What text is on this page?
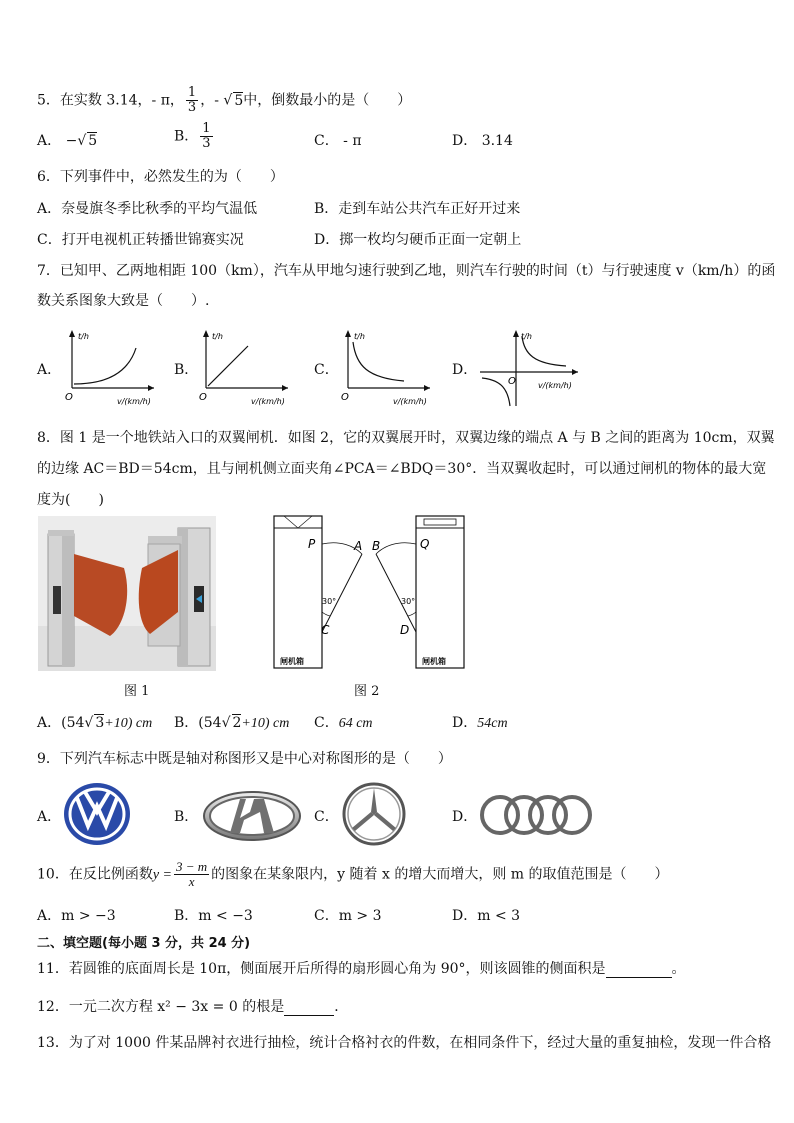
5．在实数 3.14，- π， $\frac{1}{3}$ ，- √ 5中，倒数最小的是（　　）
A． −√ 5	B． $\frac{1}{3}$	C． - π	D． 3.14
6．下列事件中，必然发生的为（　　）
A．奈曼旗冬季比秋季的平均气温低	B．走到车站公共汽车正好开过来
C．打开电视机正转播世锦赛实况	D．掷一枚均匀硬币正面一定朝上
7．已知甲、乙两地相距 100（km），汽车从甲地匀速行驶到乙地，则汽车行驶的时间（t）与行驶速度 v（km/h）的函
数关系图象大致是（　　）.
A．	B．	C．	D．
t/h
v/(km/h)
O
t/h
v/(km/h)
O
t/h
v/(km/h)
O
t/h
v/(km/h)
O
8．图 1 是一个地铁站入口的双翼闸机．如图 2，它的双翼展开时，双翼边缘的端点 A 与 B 之间的距离为 10cm，双翼
的边缘 AC＝BD＝54cm，且与闸机侧立面夹角∠PCA＝∠BDQ＝30°．当双翼收起时，可以通过闸机的物体的最大宽
度为(　　)
图 1
P	A B	Q
C	D
30°	30°
闸机箱	闸机箱
图 2
A．(54√ 3+10) cm B．(54√ 2+10) cm C．64 cm	D．54cm
9．下列汽车标志中既是轴对称图形又是中心对称图形的是（　　）
A．	B．	C．	D．
10．在反比例函数$y = \frac{3 - m}{x}$ 的图象在某象限内，y 随着 x 的增大而增大，则 m 的取值范围是（　　）
A．m > −3	B．m < −3	C．m > 3	D．m < 3
二、填空题(每小题 3 分，共 24 分)
11．若圆锥的底面周长是 10π，侧面展开后所得的扇形圆心角为 90°，则该圆锥的侧面积是	。
12．一元二次方程 x² − 3x = 0 的根是	．
13．为了对 1000 件某品牌衬衣进行抽检，统计合格衬衣的件数，在相同条件下，经过大量的重复抽检，发现一件合格
